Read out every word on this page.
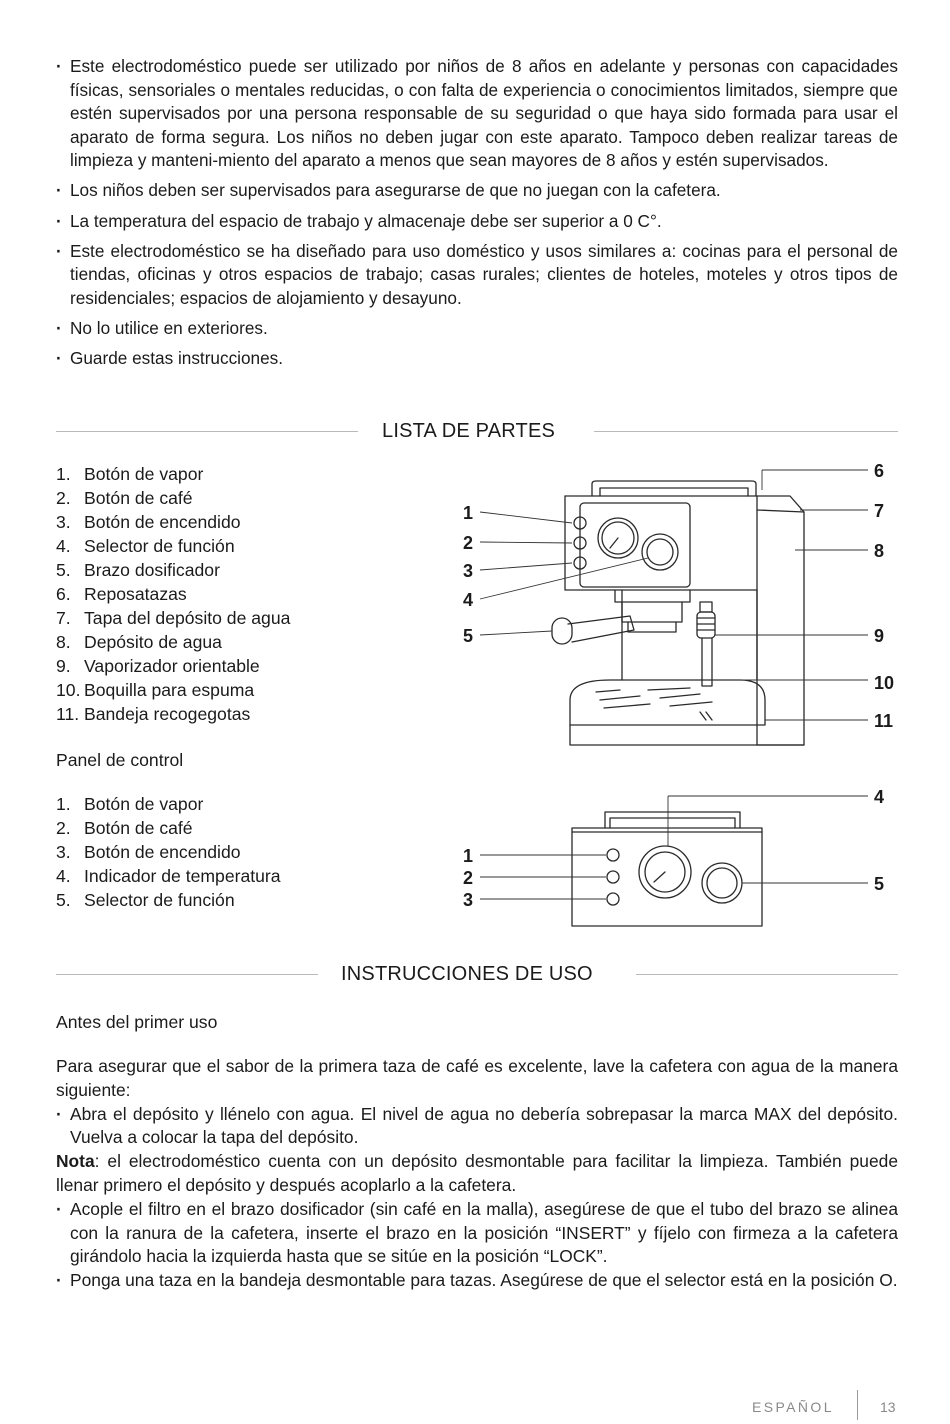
· Este electrodoméstico puede ser utilizado por niños de 8 años en adelante y personas con capacidades físicas, sensoriales o mentales reducidas, o con falta de experiencia o conocimientos limitados, siempre que estén supervisados por una persona responsable de su seguridad o que haya sido formada para usar el aparato de forma segura. Los niños no deben jugar con este aparato. Tampoco deben realizar tareas de limpieza y manteni-miento del aparato a menos que sean mayores de 8 años y estén supervisados.
· Los niños deben ser supervisados para asegurarse de que no juegan con la cafetera.
· La temperatura del espacio de trabajo y almacenaje debe ser superior a 0 C°.
· Este electrodoméstico se ha diseñado para uso doméstico y usos similares a: cocinas para el personal de tiendas, oficinas y otros espacios de trabajo; casas rurales; clientes de hoteles, moteles y otros tipos de residenciales; espacios de alojamiento y desayuno.
· No lo utilice en exteriores.
· Guarde estas instrucciones.
LISTA DE PARTES
1. Botón de vapor
2. Botón de café
3. Botón de encendido
4. Selector de función
5. Brazo dosificador
6. Reposatazas
7. Tapa del depósito de agua
8. Depósito de agua
9. Vaporizador orientable
10. Boquilla para espuma
11. Bandeja recogegotas
Panel de control
1. Botón de vapor
2. Botón de café
3. Botón de encendido
4. Indicador de temperatura
5. Selector de función
1
2
3
4
5
6
7
8
9
10
11
1
2
3
4
5
INSTRUCCIONES DE USO
Antes del primer uso

Para asegurar que el sabor de la primera taza de café es excelente, lave la cafetera con agua de la manera siguiente:

· Abra el depósito y llénelo con agua. El nivel de agua no debería sobrepasar la marca MAX del depósito. Vuelva a colocar la tapa del depósito.

Nota: el electrodoméstico cuenta con un depósito desmontable para facilitar la limpieza. También puede llenar primero el depósito y después acoplarlo a la cafetera.

· Acople el filtro en el brazo dosificador (sin café en la malla), asegúrese de que el tubo del brazo se alinea con la ranura de la cafetera, inserte el brazo en la posición “INSERT” y fíjelo con firmeza a la cafetera girándolo hacia la izquierda hasta que se sitúe en la posición “LOCK”.

· Ponga una taza en la bandeja desmontable para tazas. Asegúrese de que el selector está en la posición O.

ESPAÑOL	13
